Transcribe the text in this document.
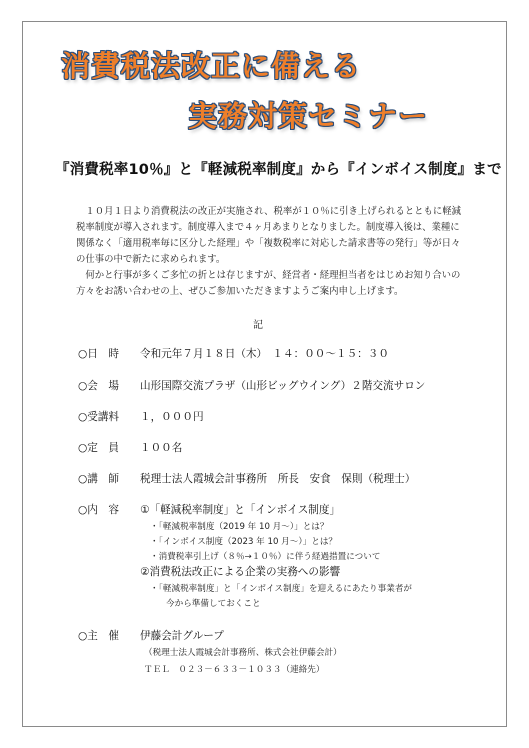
消費税法改正に備える
実務対策セミナー
『消費税率10％』と『軽減税率制度』から『インボイス制度』まで

１０月１日より消費税法の改正が実施され、税率が１０％に引き上げられるとともに軽減税率制度が導入されます。制度導入まで４ヶ月あまりとなりました。制度導入後は、業種に関係なく「適用税率毎に区分した経理」や「複数税率に対応した請求書等の発行」等が日々の仕事の中で新たに求められます。

何かと行事が多くご多忙の折とは存じますが、経営者・経理担当者をはじめお知り合いの方々をお誘い合わせの上、ぜひご参加いただきますようご案内申し上げます。

記
○日　時 令和元年７月１８日（木）　１４：００～１５：３０
○会　場 山形国際交流プラザ（山形ビッグウイング）２階交流サロン
○受講料 １，０００円
○定　員 １００名
○講　師 税理士法人霞城会計事務所　所長　安食　保則（税理士）
○内　容 ①「軽減税率制度」と「インボイス制度」
・「軽減税率制度（2019 年 10 月～）」とは？
・「インボイス制度（2023 年 10 月～）」とは？
・消費税率引上げ（８％→１０％）に伴う経過措置について
②消費税法改正による企業の実務への影響
・「軽減税率制度」と「インボイス制度」を迎えるにあたり事業者が
今から準備しておくこと
○主　催 伊藤会計グループ
（税理士法人霞城会計事務所、株式会社伊藤会計）
ＴＥＬ　０２３－６３３－１０３３（連絡先）
